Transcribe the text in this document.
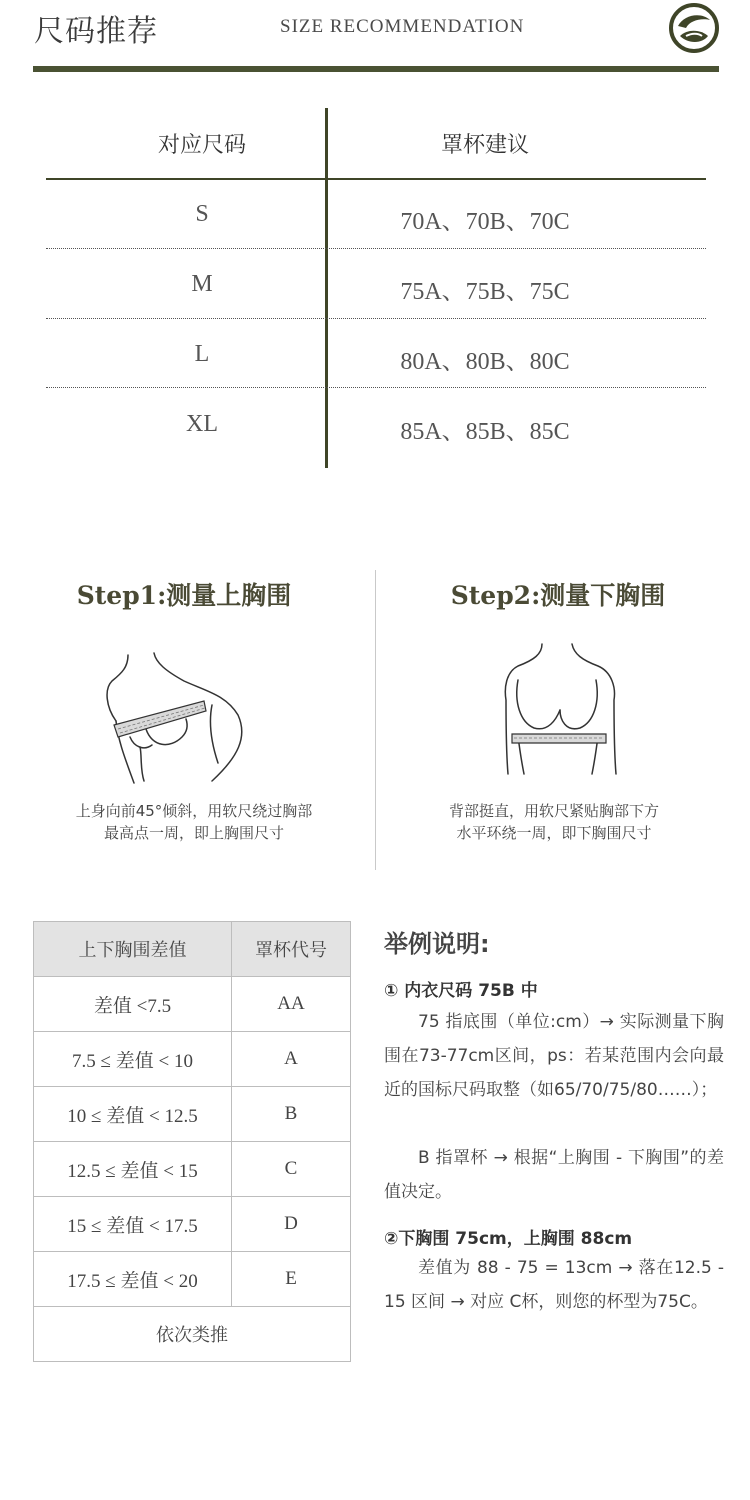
尺码推荐	SIZE RECOMMENDATION
对应尺码	罩杯建议
S	70A、70B、70C
M	75A、75B、75C
L	80A、80B、80C
XL	85A、85B、85C
Step1:测量上胸围	Step2:测量下胸围
上身向前45°倾斜，用软尺绕过胸部
最高点一周，即上胸围尺寸
背部挺直，用软尺紧贴胸部下方
水平环绕一周，即下胸围尺寸
上下胸围差值	罩杯代号
差值 <7.5	AA
7.5 ≤ 差值 < 10	A
10 ≤ 差值 < 12.5	B
12.5 ≤ 差值 < 15	C
15 ≤ 差值 < 17.5	D
17.5 ≤ 差值 < 20	E
依次类推	
举例说明:
① 内衣尺码 75B 中
75 指底围（单位:cm）→ 实际测量下胸围在73-77cm区间，ps：若某范围内会向最近的国标尺码取整（如65/70/75/80……）；
B 指罩杯 → 根据“上胸围 - 下胸围”的差值决定。
②下胸围 75cm，上胸围 88cm
差值为 88 - 75 = 13cm → 落在12.5 - 15 区间 → 对应 C杯，则您的杯型为75C。
